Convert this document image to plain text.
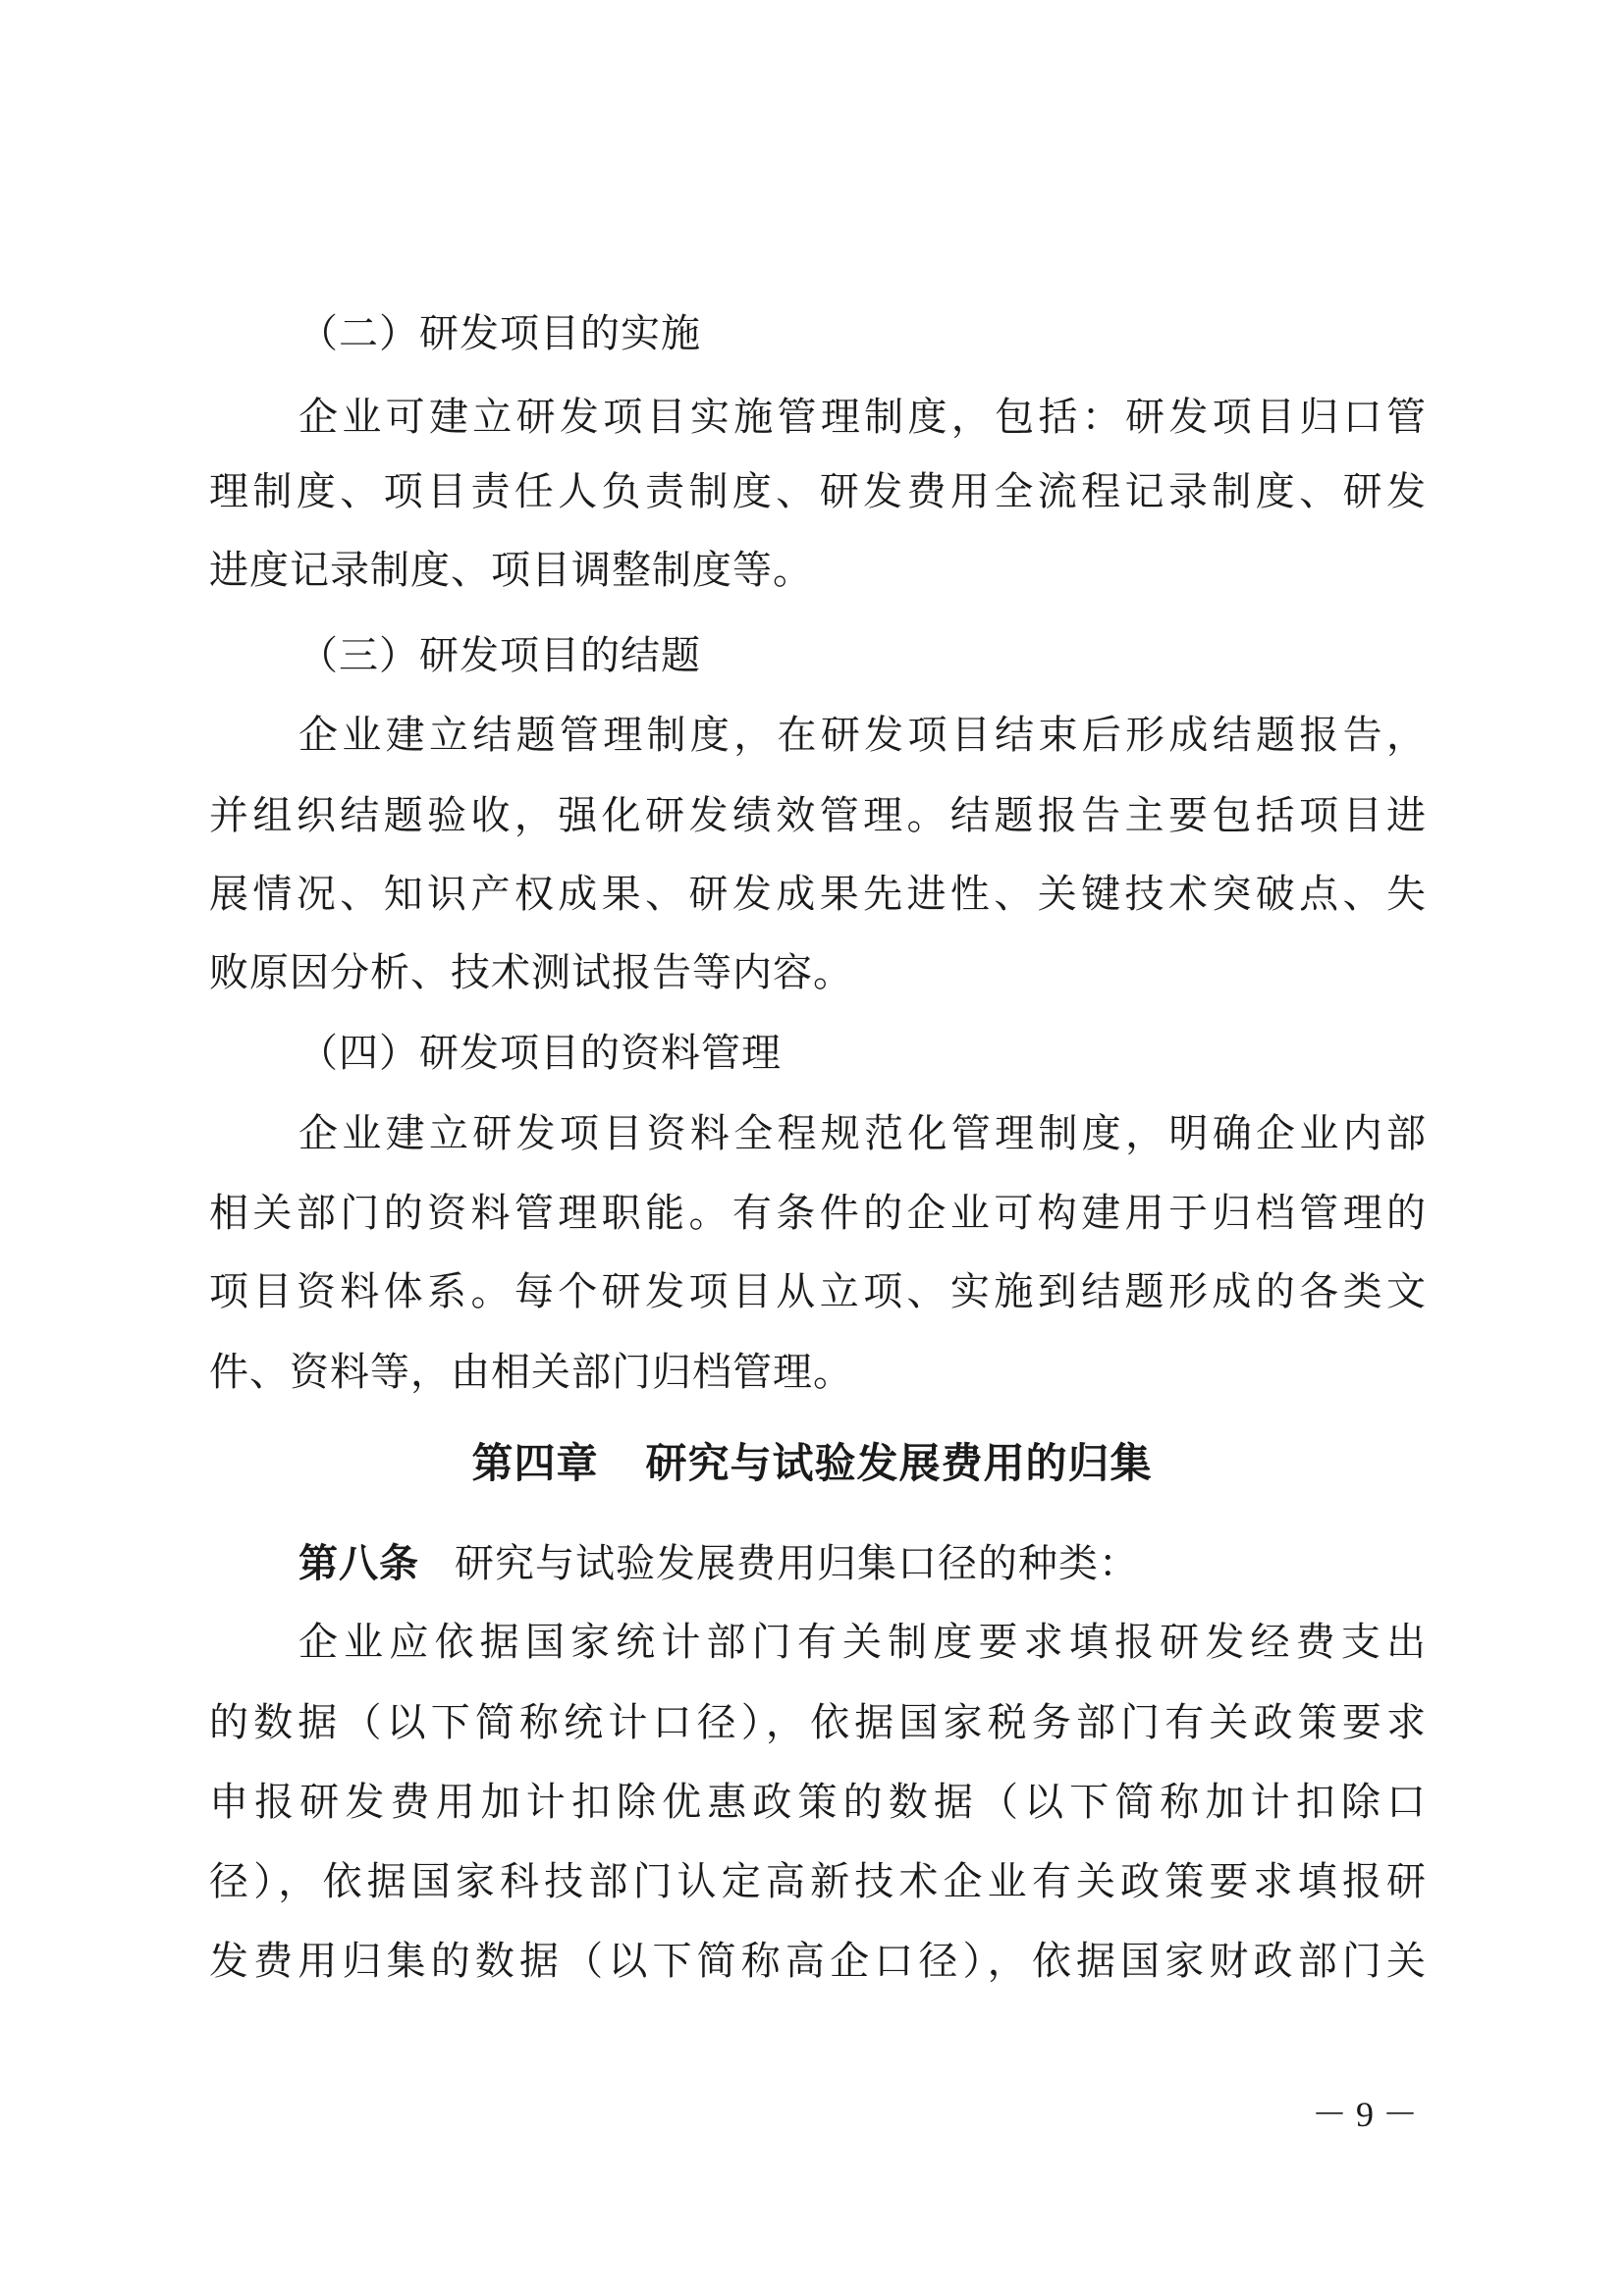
（二）研发项目的实施
企业可建立研发项目实施管理制度，包括：研发项目归口管
理制度、项目责任人负责制度、研发费用全流程记录制度、研发
进度记录制度、项目调整制度等。
（三）研发项目的结题
企业建立结题管理制度，在研发项目结束后形成结题报告，
并组织结题验收，强化研发绩效管理。结题报告主要包括项目进
展情况、知识产权成果、研发成果先进性、关键技术突破点、失
败原因分析、技术测试报告等内容。
（四）研发项目的资料管理
企业建立研发项目资料全程规范化管理制度，明确企业内部
相关部门的资料管理职能。有条件的企业可构建用于归档管理的
项目资料体系。每个研发项目从立项、实施到结题形成的各类文
件、资料等，由相关部门归档管理。
第四章 研究与试验发展费用的归集
第八条 研究与试验发展费用归集口径的种类：
企业应依据国家统计部门有关制度要求填报研发经费支出
的数据（以下简称统计口径），依据国家税务部门有关政策要求
申报研发费用加计扣除优惠政策的数据（以下简称加计扣除口
径），依据国家科技部门认定高新技术企业有关政策要求填报研
发费用归集的数据（以下简称高企口径），依据国家财政部门关
－ 9 －
